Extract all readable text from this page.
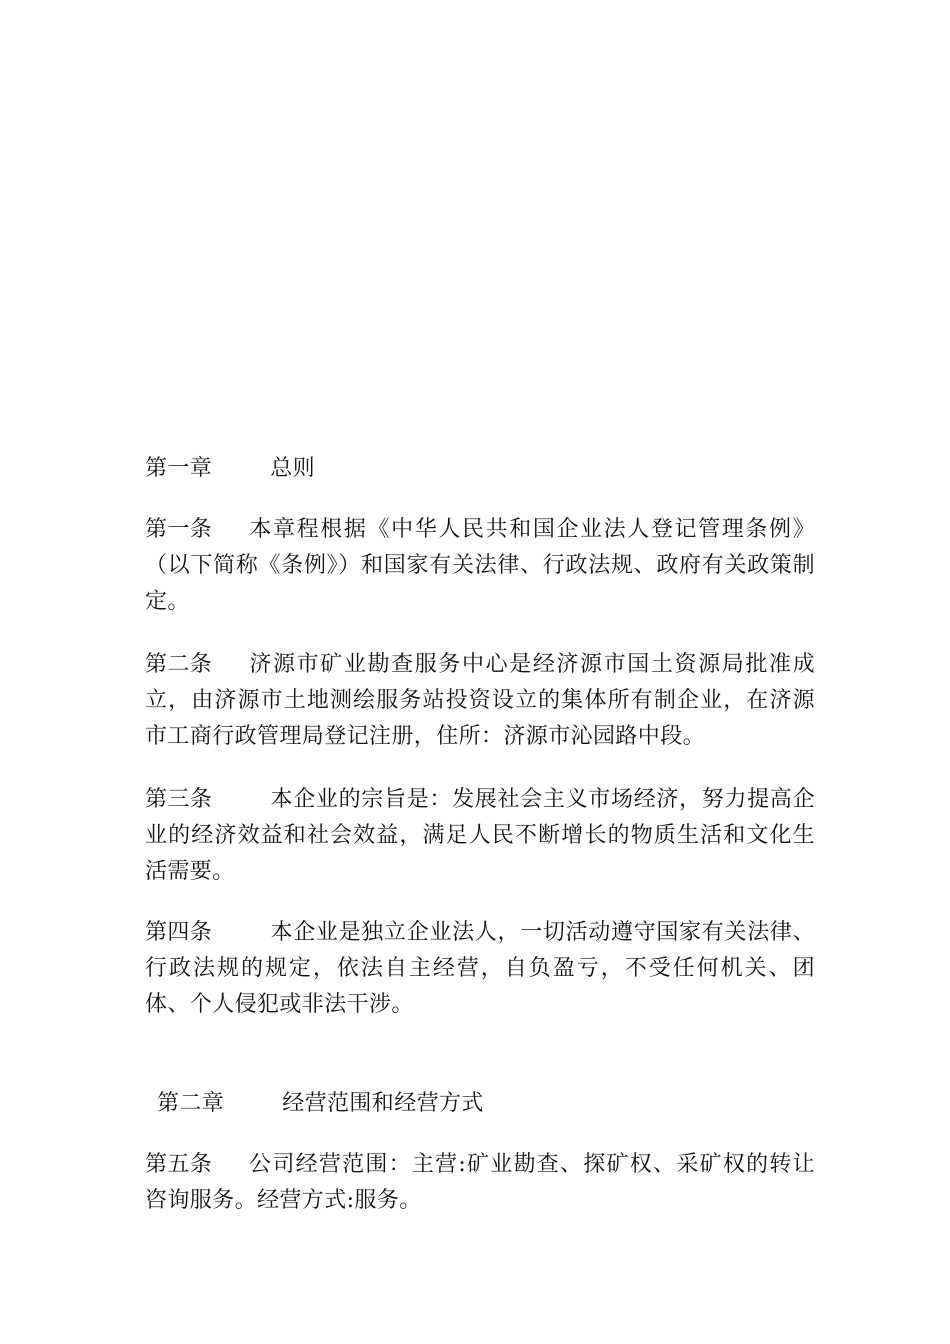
第一章	总则
第一条 本章程根据《中华人民共和国企业法人登记管理条例》（以下简称《条例》）和国家有关法律、行政法规、政府有关政策制定。
第二条 济源市矿业勘查服务中心是经济源市国土资源局批准成立，由济源市土地测绘服务站投资设立的集体所有制企业，在济源市工商行政管理局登记注册，住所：济源市沁园路中段。
第三条	本企业的宗旨是：发展社会主义市场经济，努力提高企业的经济效益和社会效益，满足人民不断增长的物质生活和文化生活需要。
第四条	本企业是独立企业法人，一切活动遵守国家有关法律、行政法规的规定，依法自主经营，自负盈亏，不受任何机关、团体、个人侵犯或非法干涉。
第二章	经营范围和经营方式
第五条 公司经营范围：主营:矿业勘查、探矿权、采矿权的转让咨询服务。经营方式:服务。
